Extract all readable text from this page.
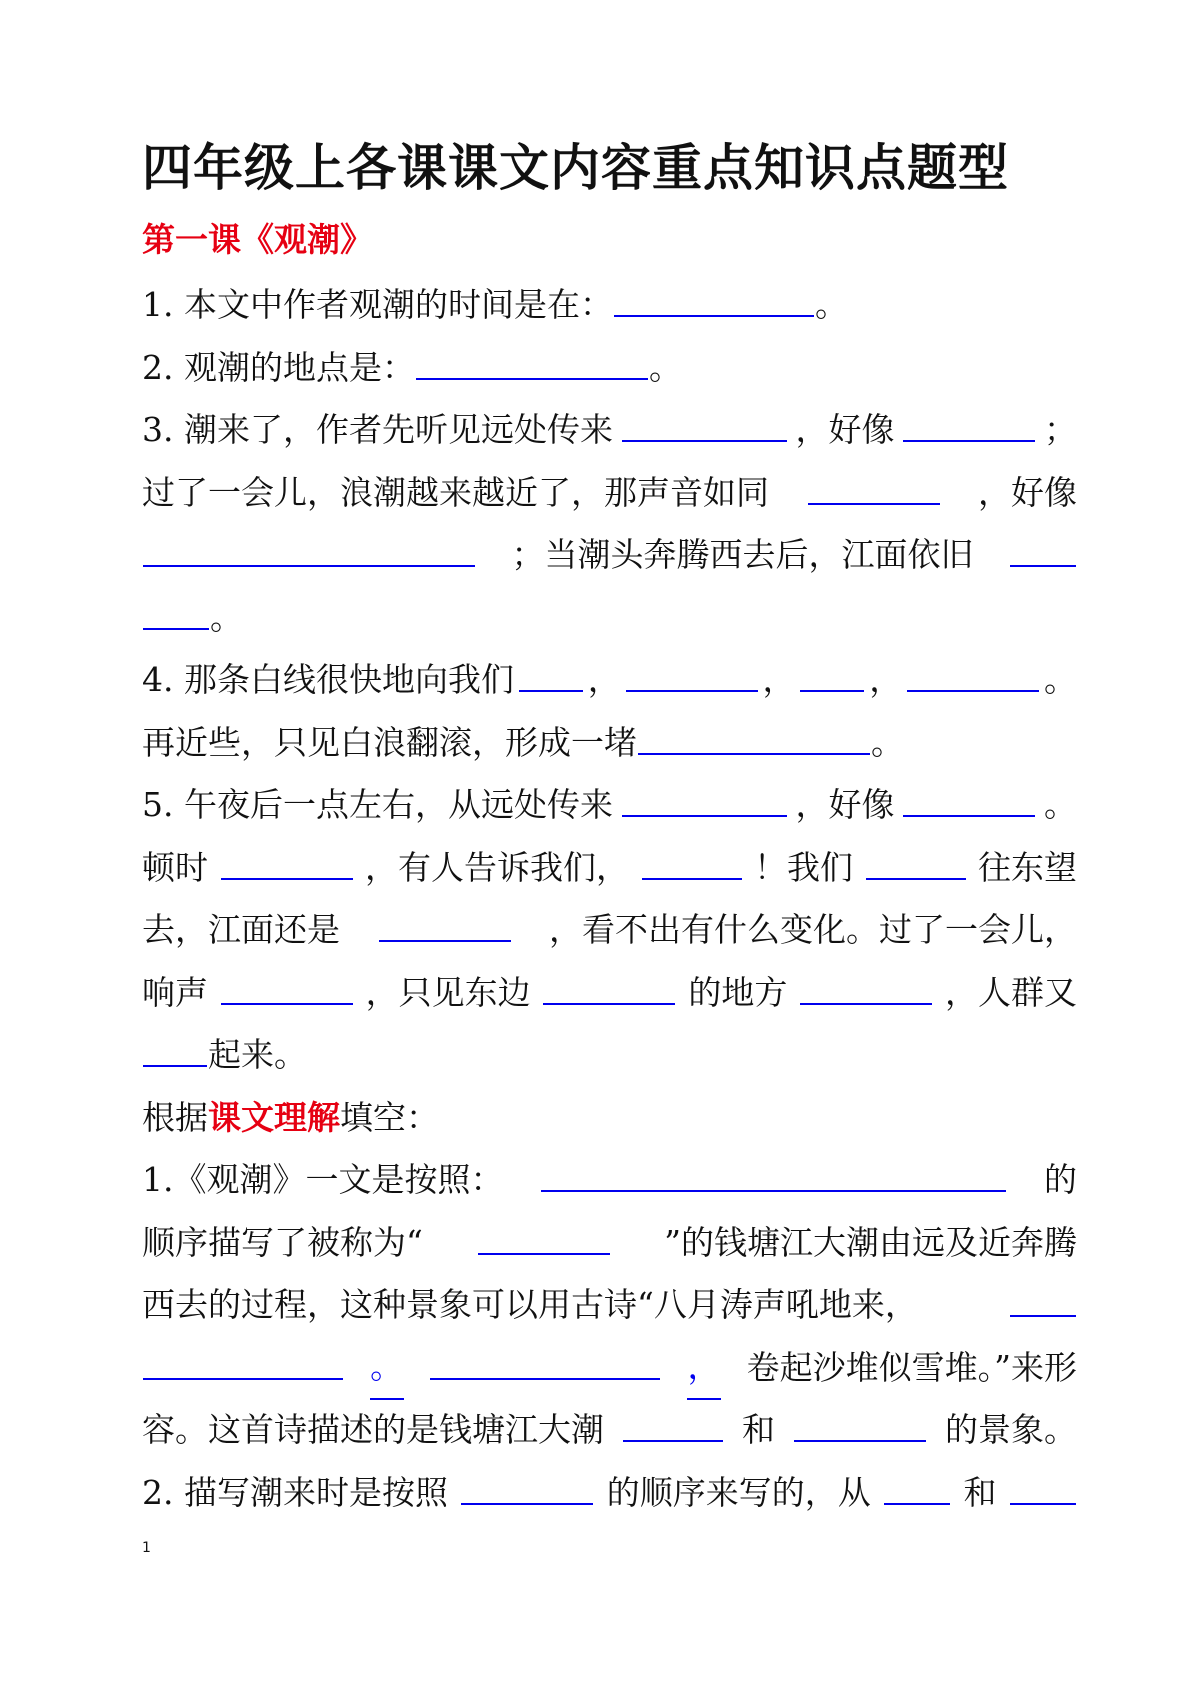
四年级上各课课文内容重点知识点题型
第一课《观潮》
1. 本文中作者观潮的时间是在：	。
2. 观潮的地点是：	。
3. 潮来了，作者先听见远处传来	，好像	；
过了一会儿，浪潮越来越近了，那声音如同	，好像
；当潮头奔腾西去后，江面依旧
。
4. 那条白线很快地向我们 ，	， ，	。
再近些，只见白浪翻滚，形成一堵	。
5. 午夜后一点左右，从远处传来	，好像	。
顿时	，有人告诉我们，	！我们	往东望
去，江面还是	，看不出有什么变化。过了一会儿，
响声	，只见东边	的地方	，人群又
起来。
根据 课文理解 填空：
1.《观潮》一文是按照：	的
顺序描写了被称为“	”的钱塘江大潮由远及近奔腾
西去的过程，这种景象可以用古诗“八月涛声吼地来，
。	， 卷起沙堆似雪堆。”来形
容。这首诗描述的是钱塘江大潮	和	的景象。
2. 描写潮来时是按照	的顺序来写的，从	和
1
